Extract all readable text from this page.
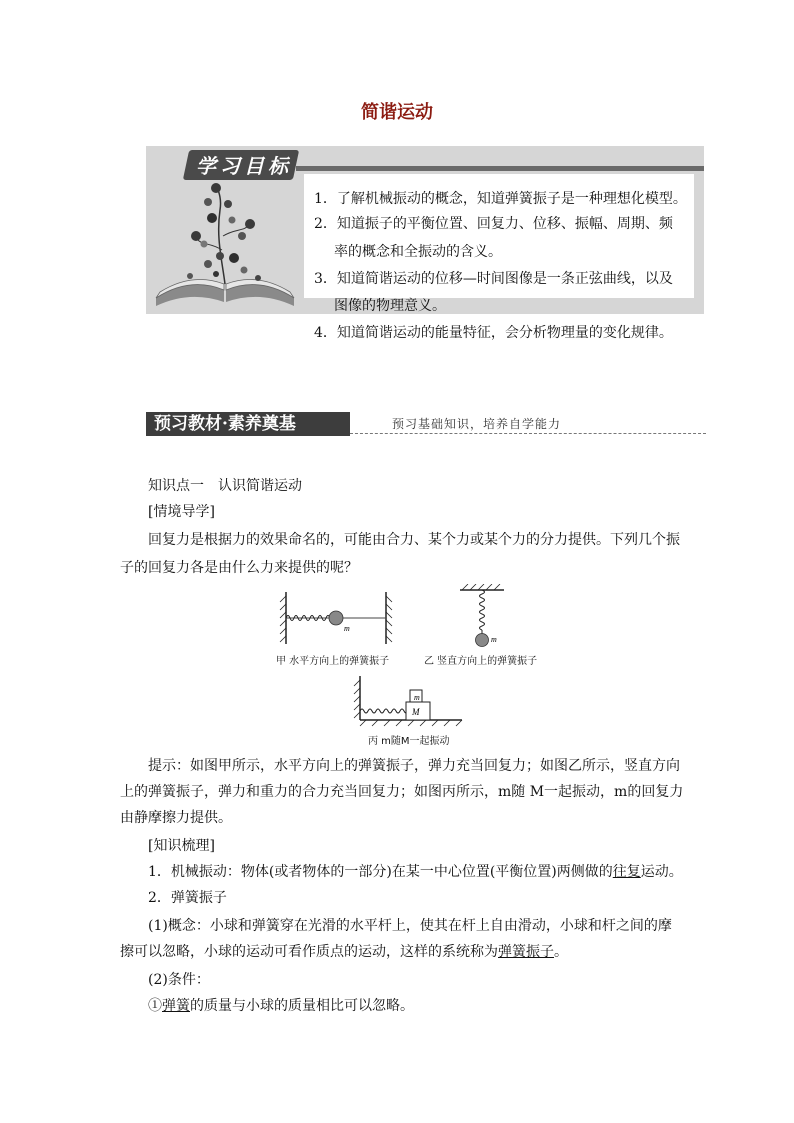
简谐运动
学习目标
1．了解机械振动的概念，知道弹簧振子是一种理想化模型。
2．知道振子的平衡位置、回复力、位移、振幅、周期、频
率的概念和全振动的含义。
3．知道简谐运动的位移—时间图像是一条正弦曲线，以及
图像的物理意义。
4．知道简谐运动的能量特征，会分析物理量的变化规律。
预习教材·素养奠基	预习基础知识，培养自学能力
知识点一　认识简谐运动
[情境导学]
回复力是根据力的效果命名的，可能由合力、某个力或某个力的分力提供。下列几个振
子的回复力各是由什么力来提供的呢？
m
甲 水平方向上的弹簧振子
m
乙 竖直方向上的弹簧振子
m
M
丙 m随M一起振动
提示：如图甲所示，水平方向上的弹簧振子，弹力充当回复力；如图乙所示，竖直方向
上的弹簧振子，弹力和重力的合力充当回复力；如图丙所示，m随 M一起振动，m的回复力
由静摩擦力提供。
[知识梳理]
1．机械振动：物体(或者物体的一部分)在某一中心位置(平衡位置)两侧做的往复运动。
2．弹簧振子
(1)概念：小球和弹簧穿在光滑的水平杆上，使其在杆上自由滑动，小球和杆之间的摩
擦可以忽略，小球的运动可看作质点的运动，这样的系统称为弹簧振子。
(2)条件：
①弹簧的质量与小球的质量相比可以忽略。
